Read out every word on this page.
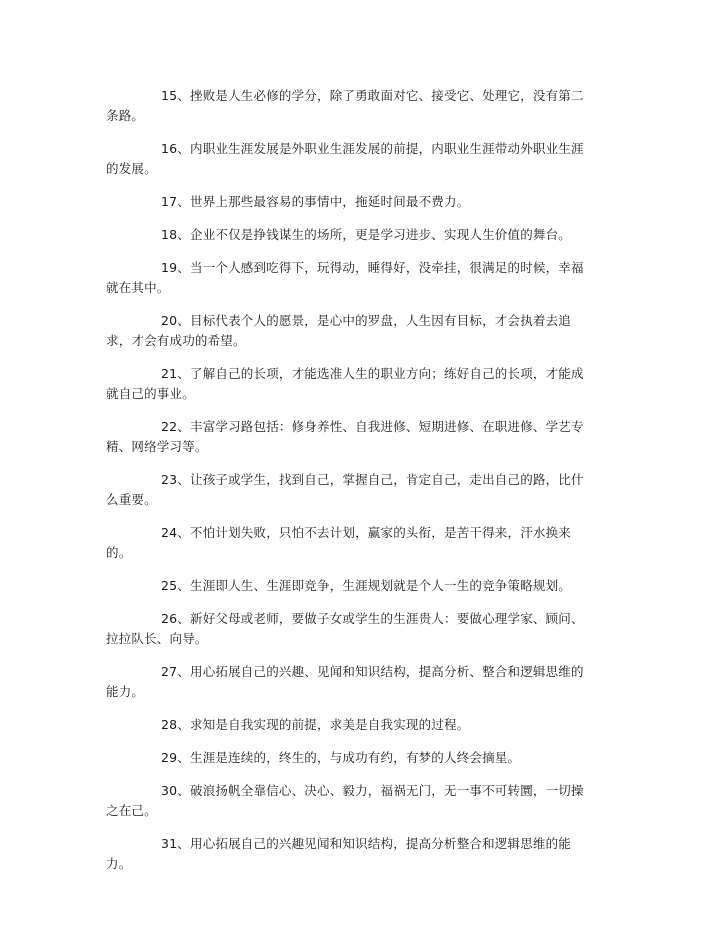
15、挫败是人生必修的学分，除了勇敢面对它、接受它、处理它，没有第二条路。

16、内职业生涯发展是外职业生涯发展的前提，内职业生涯带动外职业生涯的发展。

17、世界上那些最容易的事情中，拖延时间最不费力。

18、企业不仅是挣钱谋生的场所，更是学习进步、实现人生价值的舞台。

19、当一个人感到吃得下，玩得动，睡得好，没牵挂，很满足的时候，幸福就在其中。

20、目标代表个人的愿景，是心中的罗盘，人生因有目标，才会执着去追求，才会有成功的希望。

21、了解自己的长项，才能选准人生的职业方向；练好自己的长项，才能成就自己的事业。

22、丰富学习路包括：修身养性、自我进修、短期进修、在职进修、学艺专精、网络学习等。

23、让孩子或学生，找到自己，掌握自己，肯定自己，走出自己的路，比什么重要。

24、不怕计划失败，只怕不去计划，赢家的头衔，是苦干得来，汗水换来的。

25、生涯即人生、生涯即竞争，生涯规划就是个人一生的竞争策略规划。

26、新好父母或老师，要做子女或学生的生涯贵人：要做心理学家、顾问、拉拉队长、向导。

27、用心拓展自己的兴趣、见闻和知识结构，提高分析、整合和逻辑思维的能力。

28、求知是自我实现的前提，求美是自我实现的过程。

29、生涯是连续的，终生的，与成功有约，有梦的人终会摘星。

30、破浪扬帆全靠信心、决心、毅力，福祸无门，无一事不可转圜，一切操之在己。

31、用心拓展自己的兴趣见闻和知识结构，提高分析整合和逻辑思维的能力。
